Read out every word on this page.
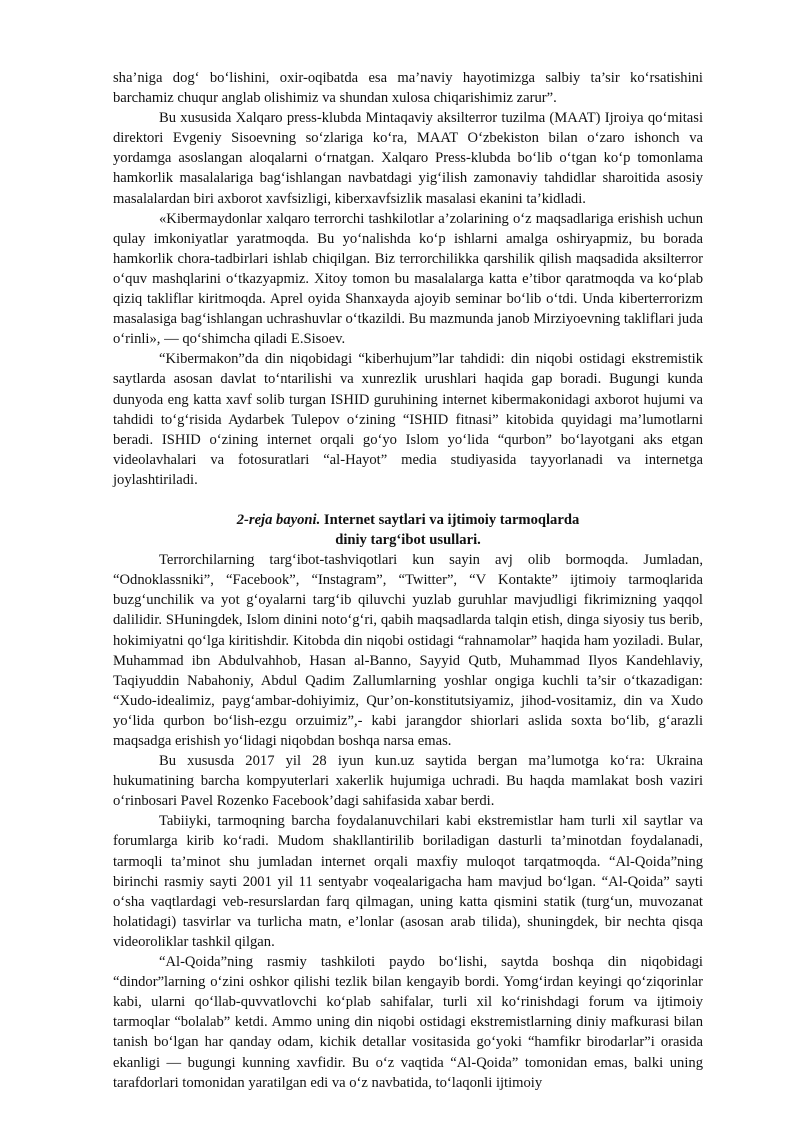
sha’niga dog‘ bo‘lishini, oxir-oqibatda esa ma’naviy hayotimizga salbiy ta’sir ko‘rsatishini barchamiz chuqur anglab olishimiz va shundan xulosa chiqarishimiz zarur”.

Bu xususida Xalqaro press-klubda Mintaqaviy aksilterror tuzilma (MAAT) Ijroiya qo‘mitasi direktori Evgeniy Sisoevning so‘zlariga ko‘ra, MAAT O‘zbekiston bilan o‘zaro ishonch va yordamga asoslangan aloqalarni o‘rnatgan. Xalqaro Press-klubda bo‘lib o‘tgan ko‘p tomonlama hamkorlik masalalariga bag‘ishlangan navbatdagi yig‘ilish zamonaviy tahdidlar sharoitida asosiy masalalardan biri axborot xavfsizligi, kiberxavfsizlik masalasi ekanini ta’kidladi.

«Kibermaydonlar xalqaro terrorchi tashkilotlar a’zolarining o‘z maqsadlariga erishish uchun qulay imkoniyatlar yaratmoqda. Bu yo‘nalishda ko‘p ishlarni amalga oshiryapmiz, bu borada hamkorlik chora-tadbirlari ishlab chiqilgan. Biz terrorchilikka qarshilik qilish maqsadida aksilterror o‘quv mashqlarini o‘tkazyapmiz. Xitoy tomon bu masalalarga katta e’tibor qaratmoqda va ko‘plab qiziq takliflar kiritmoqda. Aprel oyida Shanxayda ajoyib seminar bo‘lib o‘tdi. Unda kiberterrorizm masalasiga bag‘ishlangan uchrashuvlar o‘tkazildi. Bu mazmunda janob Mirziyoevning takliflari juda o‘rinli», — qo‘shimcha qiladi E.Sisoev.

“Kibermakon”da din niqobidagi “kiberhujum”lar tahdidi: din niqobi ostidagi ekstremistik saytlarda asosan davlat to‘ntarilishi va xunrezlik urushlari haqida gap boradi. Bugungi kunda dunyoda eng katta xavf solib turgan ISHID guruhining internet kibermakonidagi axborot hujumi va tahdidi to‘g‘risida Aydarbek Tulepov o‘zining “ISHID fitnasi” kitobida quyidagi ma’lumotlarni beradi. ISHID o‘zining internet orqali go‘yo Islom yo‘lida “qurbon” bo‘layotgani aks etgan videolavhalari va fotosuratlari “al-Hayot” media studiyasida tayyorlanadi va internetga joylashtiriladi.

2-reja bayoni. Internet saytlari va ijtimoiy tarmoqlarda
diniy targ‘ibot usullari.

Terrorchilarning targ‘ibot-tashviqotlari kun sayin avj olib bormoqda. Jumladan, “Odnoklassniki”, “Facebook”, “Instagram”, “Twitter”, “V Kontakte” ijtimoiy tarmoqlarida buzg‘unchilik va yot g‘oyalarni targ‘ib qiluvchi yuzlab guruhlar mavjudligi fikrimizning yaqqol dalilidir. SHuningdek, Islom dinini noto‘g‘ri, qabih maqsadlarda talqin etish, dinga siyosiy tus berib, hokimiyatni qo‘lga kiritishdir. Kitobda din niqobi ostidagi “rahnamolar” haqida ham yoziladi. Bular, Muhammad ibn Abdulvahhob, Hasan al-Banno, Sayyid Qutb, Muhammad Ilyos Kandehlaviy, Taqiyuddin Nabahoniy, Abdul Qadim Zallumlarning yoshlar ongiga kuchli ta’sir o‘tkazadigan: “Xudo-idealimiz, payg‘ambar-dohiyimiz, Qur’on-konstitutsiyamiz, jihod-vositamiz, din va Xudo yo‘lida qurbon bo‘lish-ezgu orzuimiz”,- kabi jarangdor shiorlari aslida soxta bo‘lib, g‘arazli maqsadga erishish yo‘lidagi niqobdan boshqa narsa emas.

Bu xususda 2017 yil 28 iyun kun.uz saytida bergan ma’lumotga ko‘ra: Ukraina hukumatining barcha kompyuterlari xakerlik hujumiga uchradi. Bu haqda mamlakat bosh vaziri o‘rinbosari Pavel Rozenko Facebook’dagi sahifasida xabar berdi.

Tabiiyki, tarmoqning barcha foydalanuvchilari kabi ekstremistlar ham turli xil saytlar va forumlarga kirib ko‘radi. Mudom shakllantirilib boriladigan dasturli ta’minotdan foydalanadi, tarmoqli ta’minot shu jumladan internet orqali maxfiy muloqot tarqatmoqda. “Al-Qoida”ning birinchi rasmiy sayti 2001 yil 11 sentyabr voqealarigacha ham mavjud bo‘lgan. “Al-Qoida” sayti o‘sha vaqtlardagi veb-resurslardan farq qilmagan, uning katta qismini statik (turg‘un, muvozanat holatidagi) tasvirlar va turlicha matn, e’lonlar (asosan arab tilida), shuningdek, bir nechta qisqa videoroliklar tashkil qilgan.

“Al-Qoida”ning rasmiy tashkiloti paydo bo‘lishi, saytda boshqa din niqobidagi “dindor”larning o‘zini oshkor qilishi tezlik bilan kengayib bordi. Yomg‘irdan keyingi qo‘ziqorinlar kabi, ularni qo‘llab-quvvatlovchi ko‘plab sahifalar, turli xil ko‘rinishdagi forum va ijtimoiy tarmoqlar “bolalab” ketdi. Ammo uning din niqobi ostidagi ekstremistlarning diniy mafkurasi bilan tanish bo‘lgan har qanday odam, kichik detallar vositasida go‘yoki “hamfikr birodarlar”i orasida ekanligi — bugungi kunning xavfidir. Bu o‘z vaqtida “Al-Qoida” tomonidan emas, balki uning tarafdorlari tomonidan yaratilgan edi va o‘z navbatida, to‘laqonli ijtimoiy
